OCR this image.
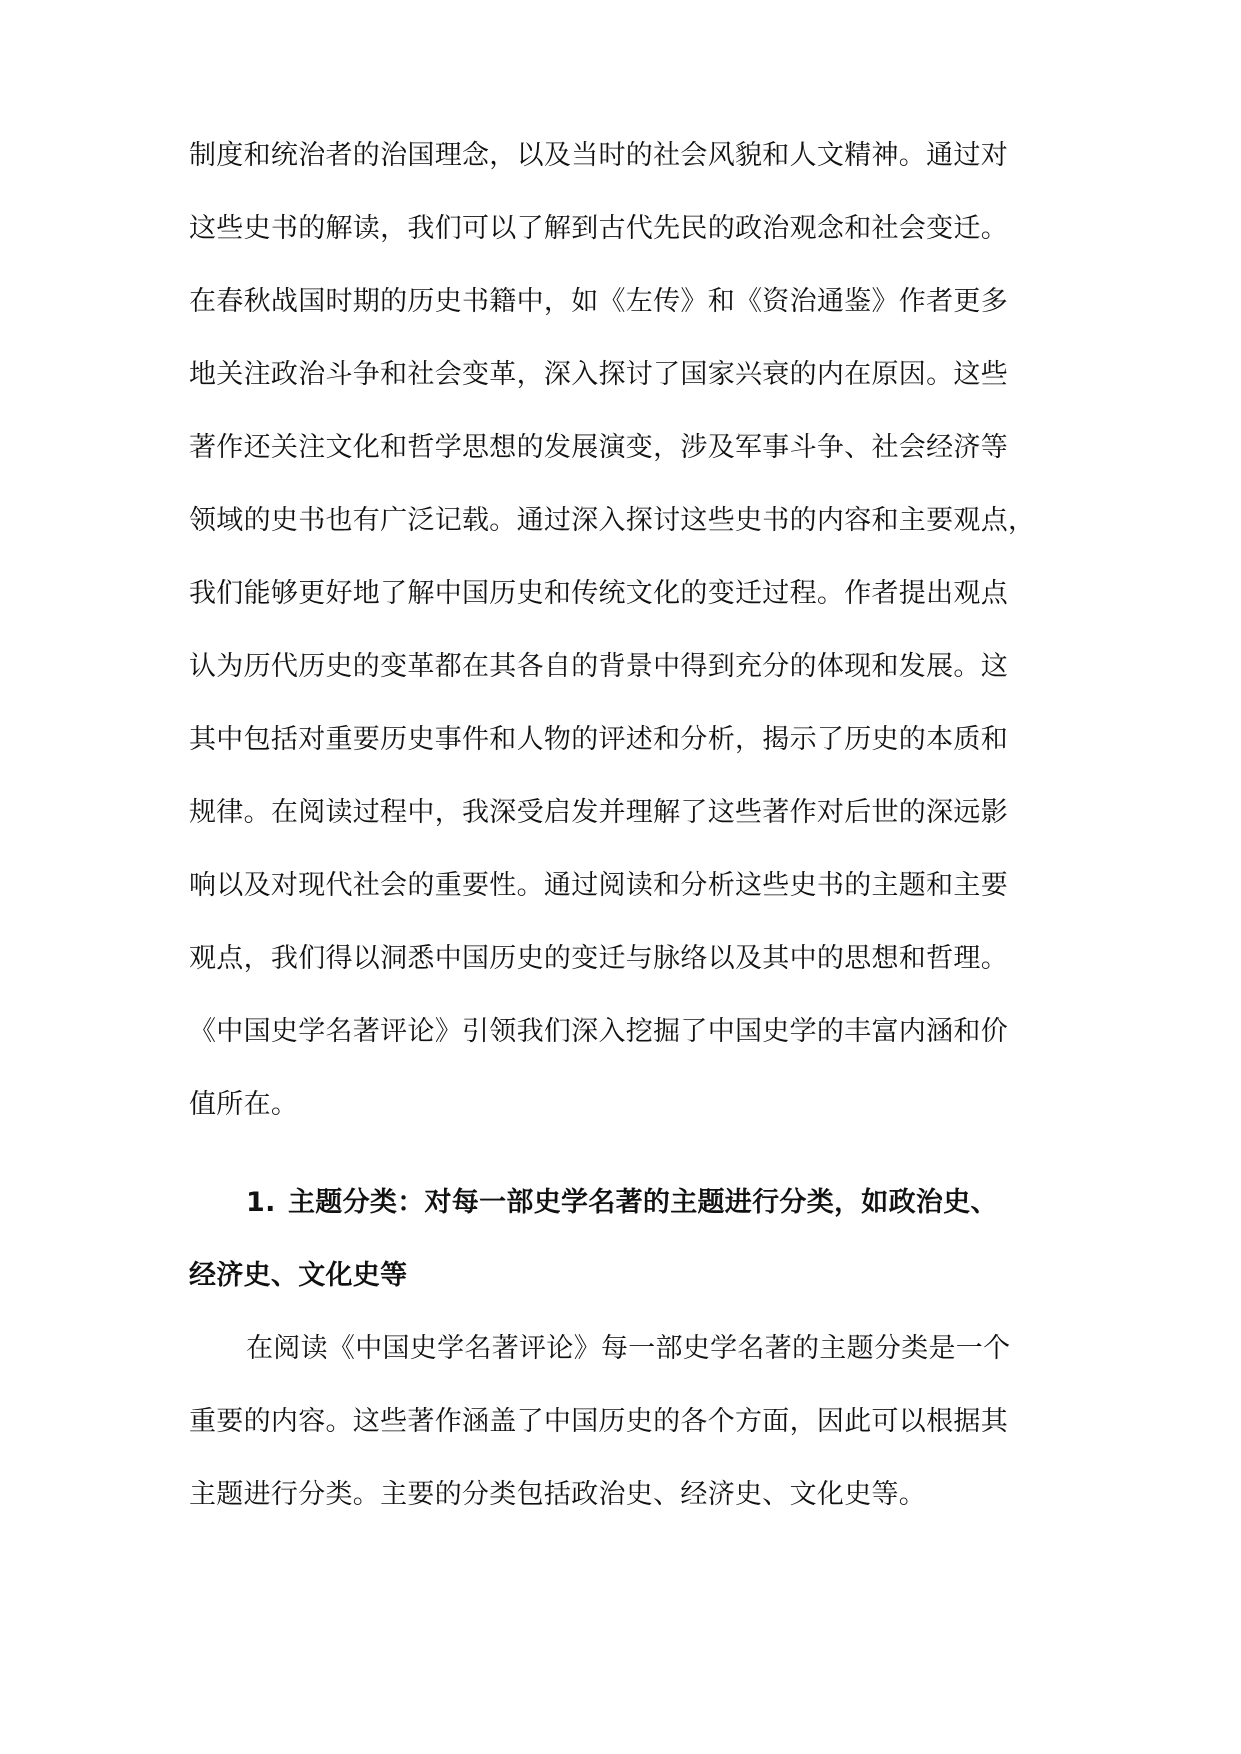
制度和统治者的治国理念，以及当时的社会风貌和人文精神。通过对
这些史书的解读，我们可以了解到古代先民的政治观念和社会变迁。
在春秋战国时期的历史书籍中，如《左传》和《资治通鉴》作者更多
地关注政治斗争和社会变革，深入探讨了国家兴衰的内在原因。这些
著作还关注文化和哲学思想的发展演变，涉及军事斗争、社会经济等
领域的史书也有广泛记载。通过深入探讨这些史书的内容和主要观点，
我们能够更好地了解中国历史和传统文化的变迁过程。作者提出观点
认为历代历史的变革都在其各自的背景中得到充分的体现和发展。这
其中包括对重要历史事件和人物的评述和分析，揭示了历史的本质和
规律。在阅读过程中，我深受启发并理解了这些著作对后世的深远影
响以及对现代社会的重要性。通过阅读和分析这些史书的主题和主要
观点，我们得以洞悉中国历史的变迁与脉络以及其中的思想和哲理。
《中国史学名著评论》引领我们深入挖掘了中国史学的丰富内涵和价
值所在。
1. 主题分类：对每一部史学名著的主题进行分类，如政治史、
经济史、文化史等
在阅读《中国史学名著评论》每一部史学名著的主题分类是一个
重要的内容。这些著作涵盖了中国历史的各个方面，因此可以根据其
主题进行分类。主要的分类包括政治史、经济史、文化史等。
